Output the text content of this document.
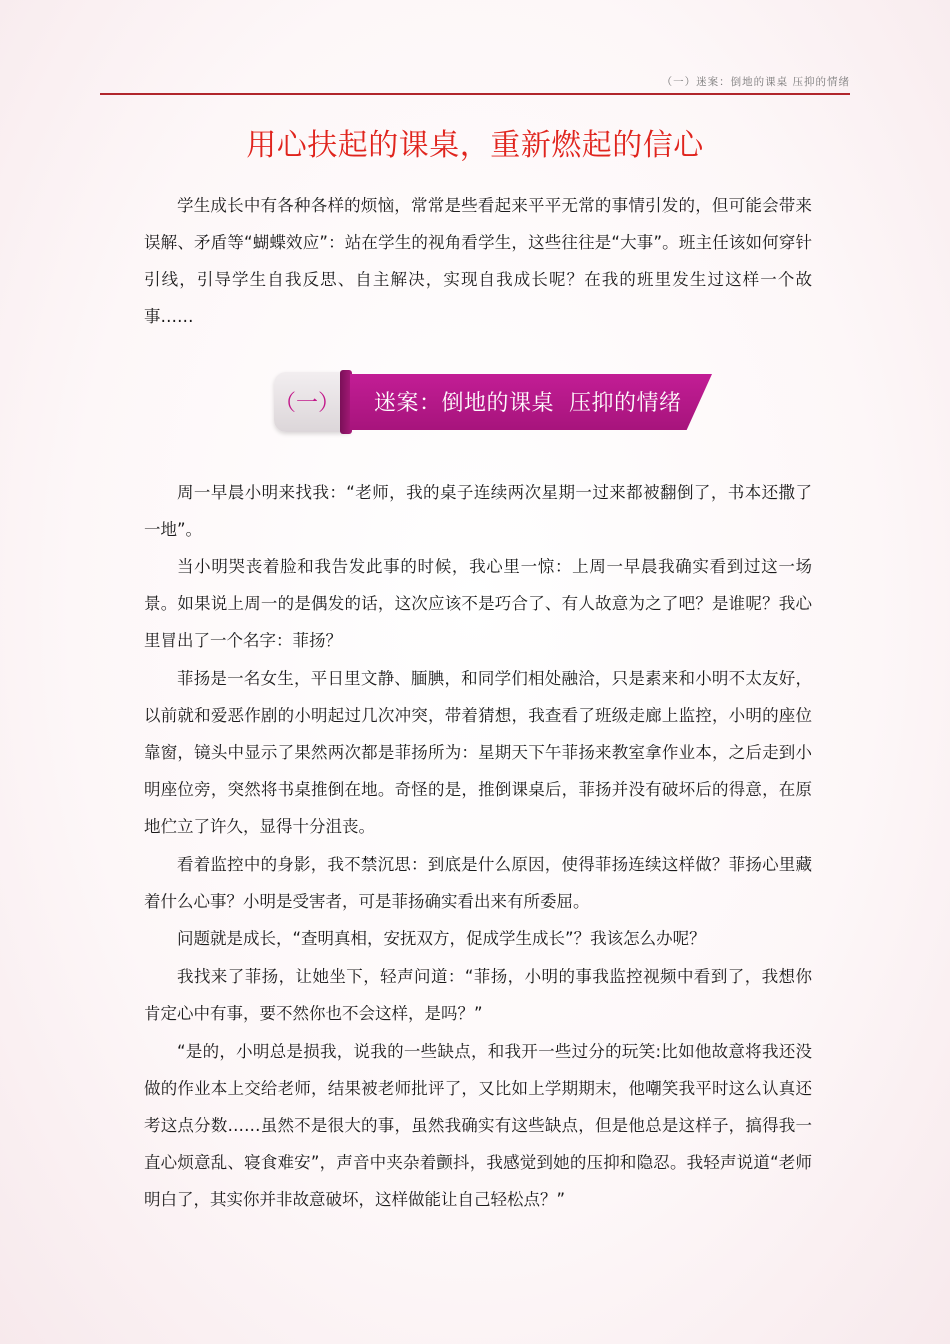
（一）迷案：倒地的课桌 压抑的情绪
用心扶起的课桌，重新燃起的信心

学生成长中有各种各样的烦恼，常常是些看起来平平无常的事情引发的，但可能会带来误解、矛盾等“蝴蝶效应”：站在学生的视角看学生，这些往往是“大事”。班主任该如何穿针引线，引导学生自我反思、自主解决，实现自我成长呢？在我的班里发生过这样一个故事……

（一） 迷案：倒地的课桌  压抑的情绪

周一早晨小明来找我：“老师，我的桌子连续两次星期一过来都被翻倒了，书本还撒了一地”。

当小明哭丧着脸和我告发此事的时候，我心里一惊：上周一早晨我确实看到过这一场景。如果说上周一的是偶发的话，这次应该不是巧合了、有人故意为之了吧？是谁呢？我心里冒出了一个名字：菲扬？

菲扬是一名女生，平日里文静、腼腆，和同学们相处融洽，只是素来和小明不太友好，以前就和爱恶作剧的小明起过几次冲突，带着猜想，我查看了班级走廊上监控，小明的座位靠窗，镜头中显示了果然两次都是菲扬所为：星期天下午菲扬来教室拿作业本，之后走到小明座位旁，突然将书桌推倒在地。奇怪的是，推倒课桌后，菲扬并没有破坏后的得意，在原地伫立了许久，显得十分沮丧。

看着监控中的身影，我不禁沉思：到底是什么原因，使得菲扬连续这样做？菲扬心里藏着什么心事？小明是受害者，可是菲扬确实看出来有所委屈。

问题就是成长，“查明真相，安抚双方，促成学生成长”？我该怎么办呢？

我找来了菲扬，让她坐下，轻声问道：“菲扬，小明的事我监控视频中看到了，我想你肯定心中有事，要不然你也不会这样，是吗？”

“是的，小明总是损我，说我的一些缺点，和我开一些过分的玩笑:比如他故意将我还没做的作业本上交给老师，结果被老师批评了，又比如上学期期末，他嘲笑我平时这么认真还考这点分数……虽然不是很大的事，虽然我确实有这些缺点，但是他总是这样子，搞得我一直心烦意乱、寝食难安”，声音中夹杂着颤抖，我感觉到她的压抑和隐忍。我轻声说道“老师明白了，其实你并非故意破坏，这样做能让自己轻松点？”
